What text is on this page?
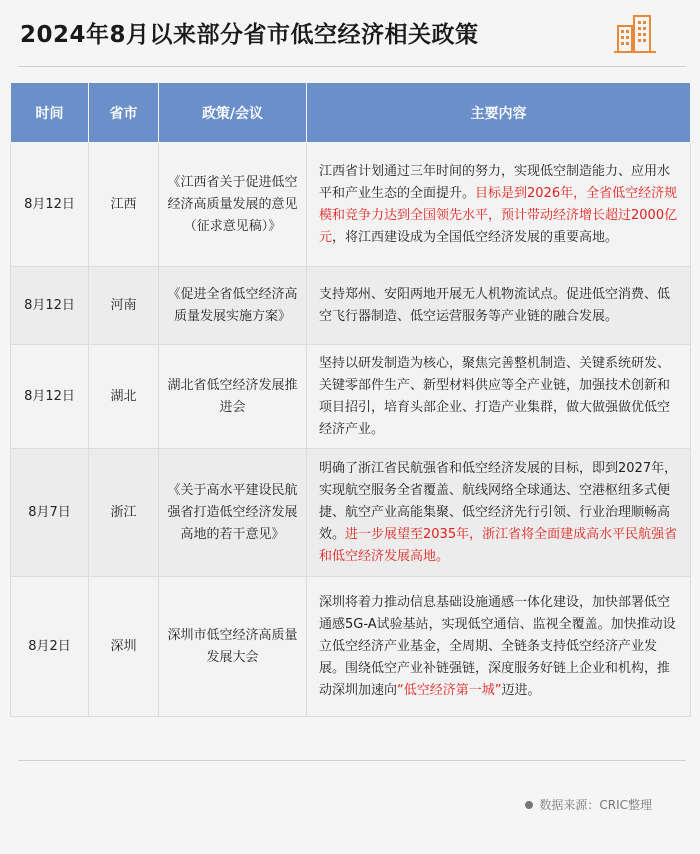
2024年8月以来部分省市低空经济相关政策
时间	省市	政策/会议	主要内容
8月12日	江西	《江西省关于促进低空经济高质量发展的意见（征求意见稿）》	江西省计划通过三年时间的努力，实现低空制造能力、应用水平和产业生态的全面提升。目标是到2026年，全省低空经济规模和竞争力达到全国领先水平，预计带动经济增长超过2000亿元，将江西建设成为全国低空经济发展的重要高地。
8月12日	河南	《促进全省低空经济高质量发展实施方案》	支持郑州、安阳两地开展无人机物流试点。促进低空消费、低空飞行器制造、低空运营服务等产业链的融合发展。
8月12日	湖北	湖北省低空经济发展推进会	坚持以研发制造为核心，聚焦完善整机制造、关键系统研发、关键零部件生产、新型材料供应等全产业链，加强技术创新和项目招引，培育头部企业、打造产业集群，做大做强做优低空经济产业。
8月7日	浙江	《关于高水平建设民航强省打造低空经济发展高地的若干意见》	明确了浙江省民航强省和低空经济发展的目标，即到2027年，实现航空服务全省覆盖、航线网络全球通达、空港枢纽多式便捷、航空产业高能集聚、低空经济先行引领、行业治理顺畅高效。进一步展望至2035年，浙江省将全面建成高水平民航强省和低空经济发展高地。
8月2日	深圳	深圳市低空经济高质量发展大会	深圳将着力推动信息基础设施通感一体化建设，加快部署低空通感5G-A试验基站，实现低空通信、监视全覆盖。加快推动设立低空经济产业基金，全周期、全链条支持低空经济产业发展。围绕低空产业补链强链，深度服务好链上企业和机构，推动深圳加速向“低空经济第一城”迈进。
数据来源：CRIC整理
